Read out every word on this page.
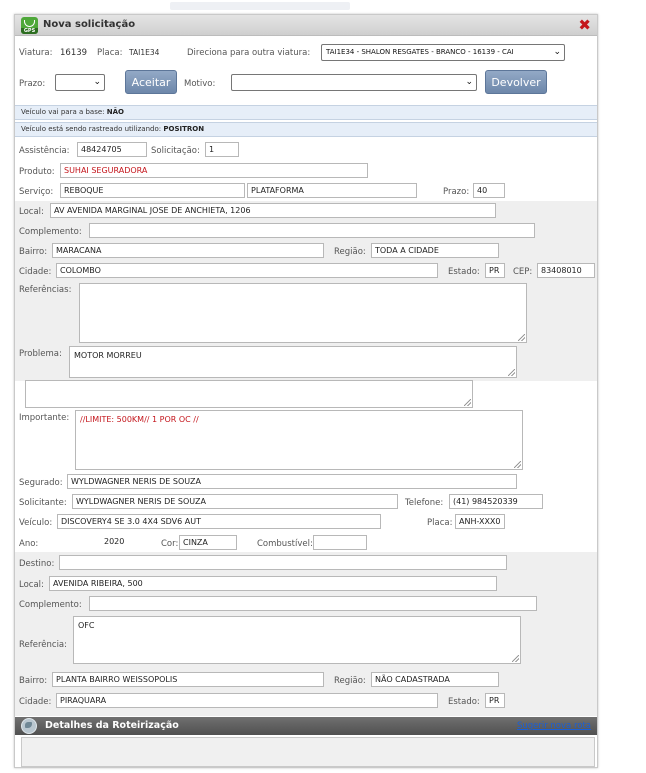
GPS
Nova solicitação	✖
Viatura: 16139 Placa: TAI1E34	Direciona para outra viatura:	TAI1E34 - SHALON RESGATES - BRANCO - 16139 - CAI	⌄
Prazo:	⌄	Aceitar	Motivo:	⌄	Devolver
Veículo vai para a base: NÃO
Veículo está sendo rastreado utilizando: POSITRON
Assistência:	48424705	Solicitação:	1
Produto:	SUHAI SEGURADORA
Serviço:	REBOQUE	PLATAFORMA	Prazo: 40
Local:	AV AVENIDA MARGINAL JOSE DE ANCHIETA, 1206
Complemento:
Bairro:	MARACANA	Região:	TODA A CIDADE
Cidade:	COLOMBO	Estado:	PR	CEP:	83408010
Referências:
Problema:	MOTOR MORREU
Importante:	//LIMITE: 500KM// 1 POR OC //
Segurado:	WYLDWAGNER NERIS DE SOUZA
Solicitante:	WYLDWAGNER NERIS DE SOUZA	Telefone:	(41) 984520339
Veículo:	DISCOVERY4 SE 3.0 4X4 SDV6 AUT	Placa: ANH-XXX0
Ano:	2020	Cor: CINZA	Combustível:
Destino:
Local:	AVENIDA RIBEIRA, 500
Complemento:
Referência:
OFC
Bairro:	PLANTA BAIRRO WEISSOPOLIS	Região:	NÃO CADASTRADA
Cidade:	PIRAQUARA	Estado:	PR
Detalhes da Roteirização	Sugerir nova rota
